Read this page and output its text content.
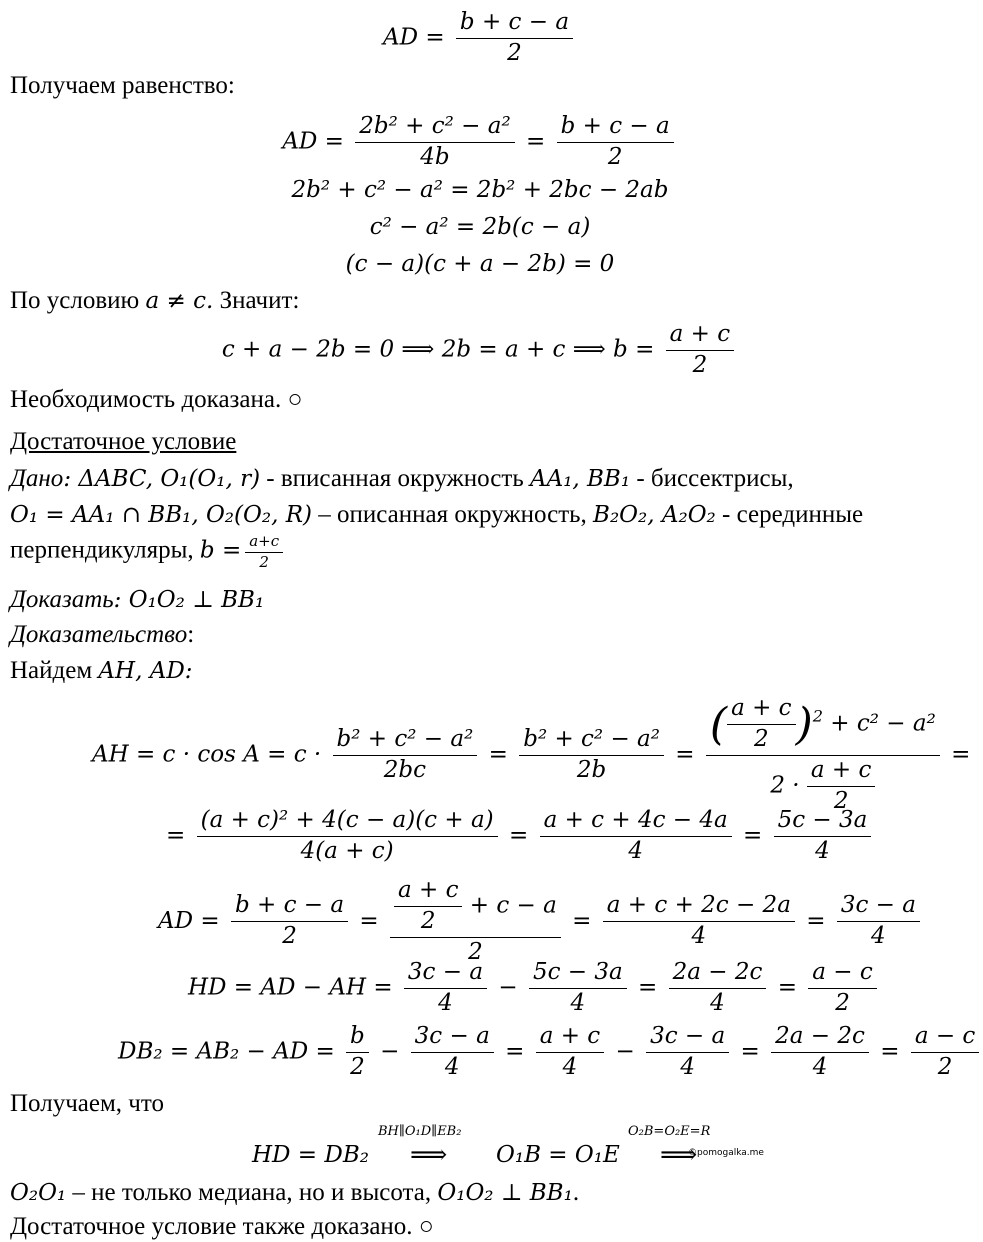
AD = $\frac{b + c - a}{2}$
Получаем равенство:
AD = $\frac{\text{2b² + c² − a²}}{4b} = \frac{b + c - a}{2}$
2b² + c² − a² = 2b² + 2bc − 2ab
c² − a² = 2b(c − a)
(c − a)(c + a − 2b) = 0
По условию a ≠ c. Значит:
c + a − 2b = 0 ⟹ 2b = a + c ⟹ $b = \frac{a + c}{2}$
Необходимость доказана. ○
Достаточное условие
Дано: ΔABC, O₁(O₁, r) - вписанная окружность AA₁, BB₁ - биссектрисы,
O₁ = AA₁ ∩ BB₁, O₂(O₂, R) – описанная окружность, B₂O₂, A₂O₂ - серединные
перпендикуляры, $b = \frac{a+c}{2}$
Доказать: O₁O₂ ⊥ BB₁
Доказательство:
Найдем AH, AD:
AH = $c \cdot \cos A = c \cdot \frac{\text{b² + c² − a²}}{2bc} = \frac{\text{b² + c² − a²}}{2b} = \frac{( \frac{a + c}{2} )^2 + c^2 - a^2}{2 \cdot \frac{a + c}{2}}$ =
= $\frac{\text{(a + c)² + 4(c − a)(c + a)}}{4(a + c)} = \frac{a + c + 4c - 4a}{4} = \frac{5c - 3a}{4}$
AD = $\frac{b + c - a}{2} = \frac{\frac{a + c}{2} + c - a}{2} = \frac{a + c + 2c - 2a}{4} = \frac{3c - a}{4}$
HD = AD − AH = $\frac{3c - a}{4} - \frac{5c - 3a}{4} = \frac{2a - 2c}{4} = \frac{a - c}{2}$
DB₂ = AB₂ − AD = $\frac{b}{2} - \frac{3c - a}{4} = \frac{a + c}{4} - \frac{3c - a}{4} = \frac{2a - 2c}{4} = \frac{a - c}{2}$
Получаем, что
HD = DB₂
BH∥O₁D∥EB₂
⟹ O₁B = O₁E
O₂B=O₂E=R
⟹
©pomogalka.me
O₂O₁ – не только медиана, но и высота, O₁O₂ ⊥ BB₁.
Достаточное условие также доказано. ○
